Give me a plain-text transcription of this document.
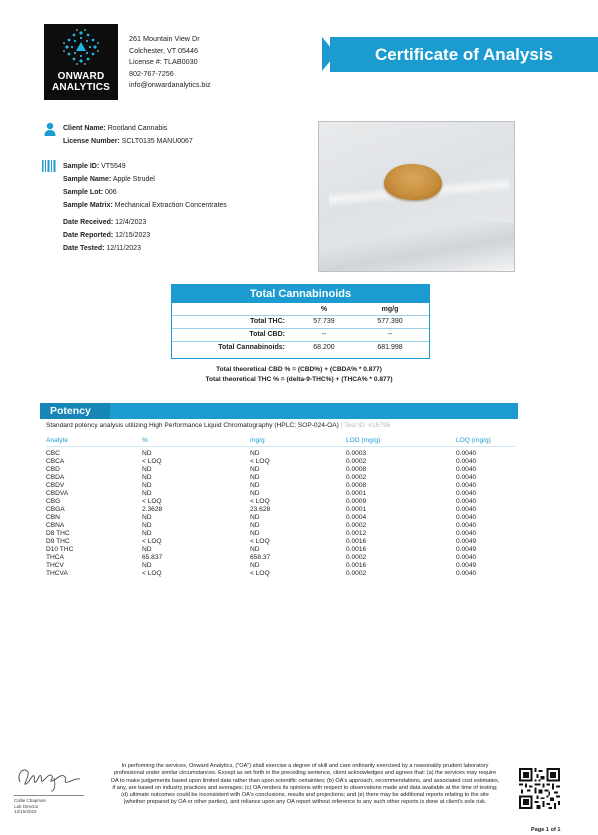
ONWARD
ANALYTICS
261 Mountain View Dr
Colchester, VT 05446
License #: TLAB0030
802-767-7256
info@onwardanalytics.biz
Certificate of Analysis
Client Name: Rootland Cannabis
License Number: SCLT0135 MANU0067
Sample ID: VT5549
Sample Name: Apple Strudel
Sample Lot: 006
Sample Matrix: Mechanical Extraction Concentrates
Date Received: 12/4/2023
Date Reported: 12/15/2023
Date Tested: 12/11/2023
Total Cannabinoids
%	mg/g
Total THC:	57.739	577.390
Total CBD:	--	--
Total Cannabinoids:	68.200	681.998
Total theoretical CBD % = (CBD%) + (CBDA% * 0.877)
Total theoretical THC % = (delta-9-THC%) + (THCA% * 0.877)
Potency
Standard potency analysis utilizing High Performance Liquid Chromatography (HPLC; SOP-024-OA) | Test ID: #15795
Analyte	%	mg/g	LOD (mg/g)	LOQ (mg/g)
CBC	ND	ND	0.0003	0.0040
CBCA	< LOQ	< LOQ	0.0002	0.0040
CBD	ND	ND	0.0008	0.0040
CBDA	ND	ND	0.0002	0.0040
CBDV	ND	ND	0.0008	0.0040
CBDVA	ND	ND	0.0001	0.0040
CBG	< LOQ	< LOQ	0.0009	0.0040
CBGA	2.3628	23.628	0.0001	0.0040
CBN	ND	ND	0.0004	0.0040
CBNA	ND	ND	0.0002	0.0040
D8 THC	ND	ND	0.0012	0.0040
D9 THC	< LOQ	< LOQ	0.0016	0.0049
D10 THC	ND	ND	0.0016	0.0049
THCA	65.837	658.37	0.0002	0.0040
THCV	ND	ND	0.0016	0.0049
THCVA	< LOQ	< LOQ	0.0002	0.0040
Callie Chapman
Lab Director
12/15/2023
In performing the services, Onward Analytics, ("OA") shall exercise a degree of skill and care ordinarily exercised by a reasonably prudent laboratory professional under similar circumstances. Except as set forth in the preceding sentence, client acknowledges and agrees that: (a) the services may require OA to make judgements based upon limited data rather than upon scientific certainties; (b) OA's approach, recommendations, and associated cost estimates, if any, are based on industry practices and averages; (c) OA renders its opinions with respect to observations made and data available at the time of testing; (d) ultimate outcomes could be inconsistent with OA's conclusions, results and projections; and (e) there may be additional reports relating to the site (whether prepared by OA or other parties), and reliance upon any OA report without reference to any such other reports is done at client's sole risk.
Page 1 of 1
